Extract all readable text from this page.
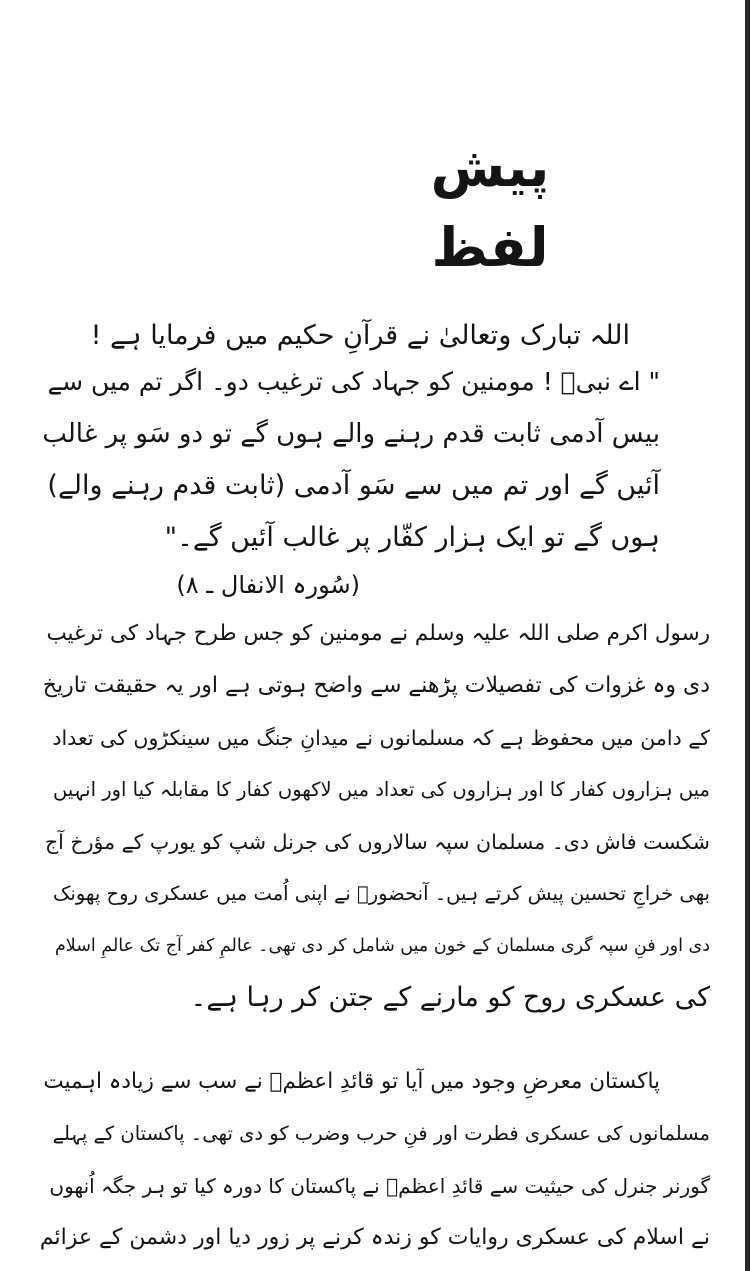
پیش لفظ
اللہ تبارک وتعالیٰ نے قرآنِ حکیم میں فرمایا ہے !
" اے نبیؐ ! مومنین کو جہاد کی ترغیب دو۔ اگر تم میں سے
بیس آدمی ثابت قدم رہنے والے ہوں گے تو دو سَو پر غالب
آئیں گے اور تم میں سے سَو آدمی (ثابت قدم رہنے والے)
ہوں گے تو ایک ہزار کفّار پر غالب آئیں گے۔"
(سُورہ الانفال ـ ۸)
رسول اکرم صلی اللہ علیہ وسلم نے مومنین کو جس طرح جہاد کی ترغیب
دی وہ غزوات کی تفصیلات پڑھنے سے واضح ہوتی ہے اور یہ حقیقت تاریخ
کے دامن میں محفوظ ہے کہ مسلمانوں نے میدانِ جنگ میں سینکڑوں کی تعداد
میں ہزاروں کفار کا اور ہزاروں کی تعداد میں لاکھوں کفار کا مقابلہ کیا اور انہیں
شکست فاش دی۔ مسلمان سپہ سالاروں کی جرنل شپ کو یورپ کے مؤرخ آج
بھی خراجِ تحسین پیش کرتے ہیں۔ آنحضورؐ نے اپنی اُمت میں عسکری روح پھونک
دی اور فنِ سپہ گری مسلمان کے خون میں شامل کر دی تھی۔ عالمِ کفر آج تک عالمِ اسلام
کی عسکری روح کو مارنے کے جتن کر رہا ہے۔
پاکستان معرضِ وجود میں آیا تو قائدِ اعظمؒ نے سب سے زیادہ اہمیت
مسلمانوں کی عسکری فطرت اور فنِ حرب وضرب کو دی تھی۔ پاکستان کے پہلے
گورنر جنرل کی حیثیت سے قائدِ اعظمؒ نے پاکستان کا دورہ کیا تو ہر جگہ اُنھوں
نے اسلام کی عسکری روایات کو زندہ کرنے پر زور دیا اور دشمن کے عزائم
